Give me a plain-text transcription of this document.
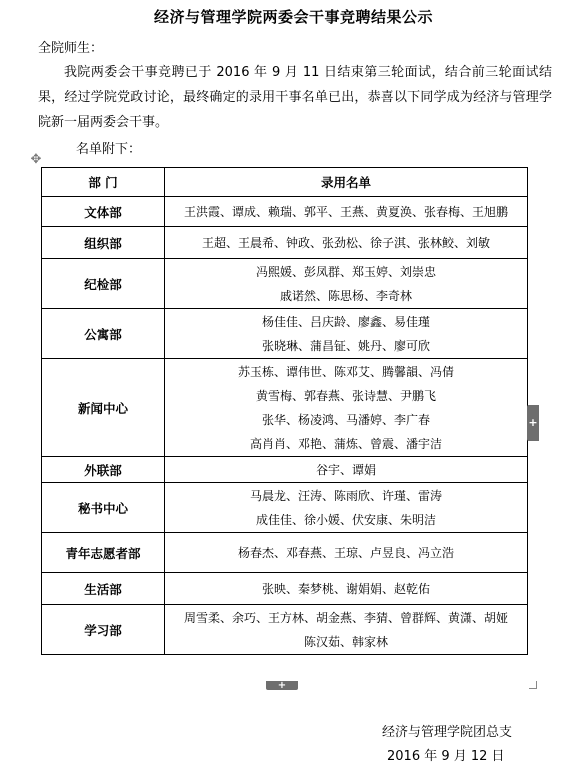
经济与管理学院两委会干事竞聘结果公示
全院师生：
我院两委会干事竞聘已于 2016 年 9 月 11 日结束第三轮面试，结合前三轮面试结果，经过学院党政讨论，最终确定的录用干事名单已出，恭喜以下同学成为经济与管理学院新一届两委会干事。
名单附下：
✥
部 门	录用名单
文体部	王洪霞、谭成、赖瑞、郭平、王燕、黄夏涣、张春梅、王旭鹏

组织部	王超、王晨希、钟政、张劲松、徐子淇、张林鲛、刘敏

纪检部	冯熙媛、彭凤群、郑玉婷、刘崇忠
戚诺然、陈思杨、李奇林

公寓部	杨佳佳、吕庆龄、廖鑫、易佳瑾
张晓琳、蒲昌钲、姚丹、廖可欣

新闻中心	苏玉栋、谭伟世、陈邓艾、腾馨韻、冯倩
黄雪梅、郭春燕、张诗慧、尹鹏飞
张华、杨凌鸿、马潘婷、李广春
高肖肖、邓艳、蒲炼、曾震、潘宇洁

外联部	谷宇、谭娟

秘书中心	马晨龙、汪涛、陈雨欣、许瑾、雷涛
成佳佳、徐小媛、伏安康、朱明洁

青年志愿者部	杨春杰、邓春燕、王琼、卢昱良、冯立浩

生活部	张映、秦梦桃、谢娟娟、赵乾佑

学习部	周雪柔、余巧、王方林、胡金燕、李猜、曾群辉、黄潇、胡娅
陈汉茹、韩家林
+
+
经济与管理学院团总支
2016 年 9 月 12 日
